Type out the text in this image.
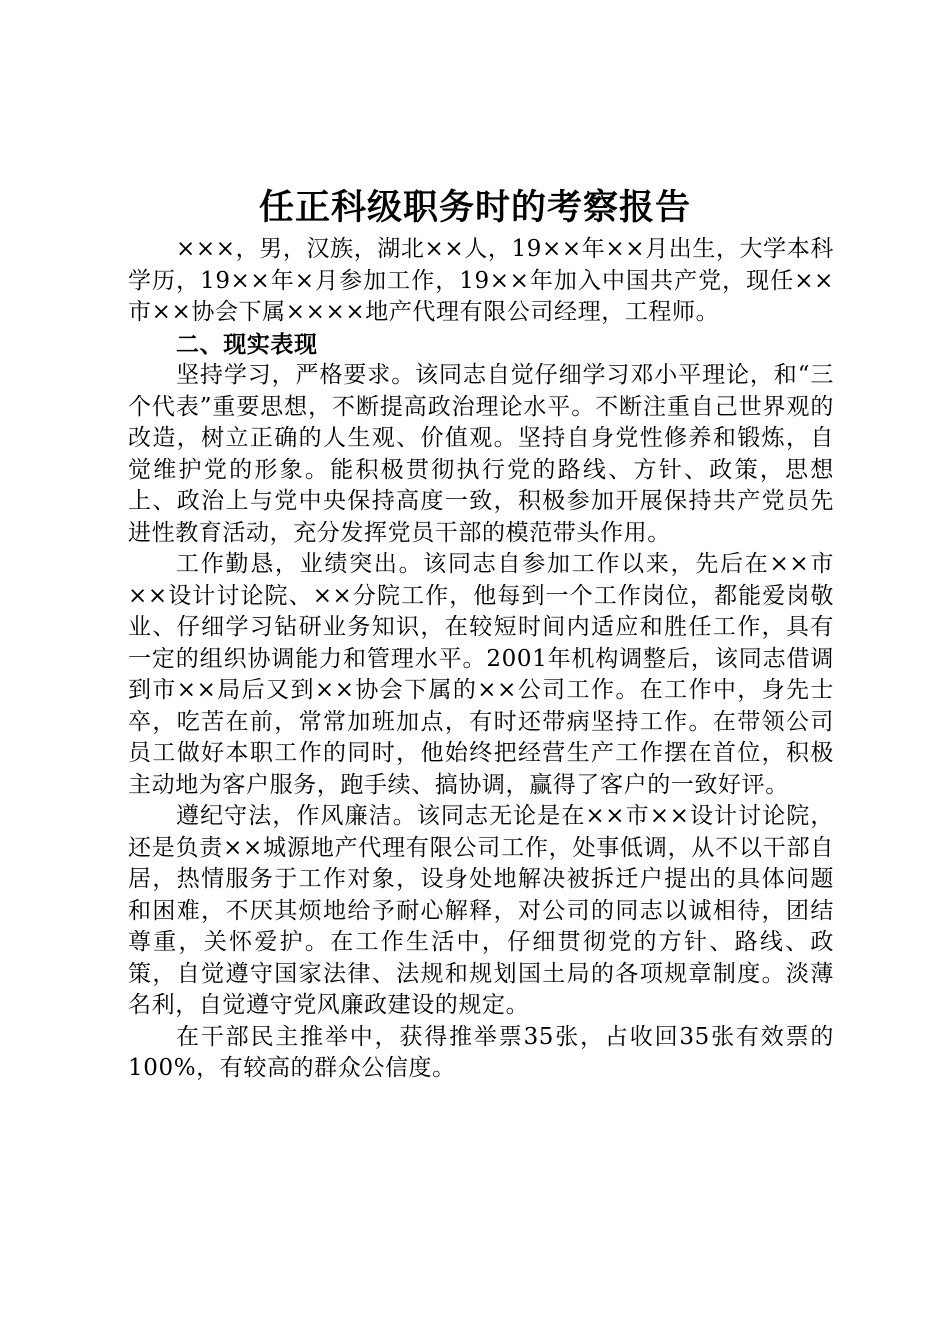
任正科级职务时的考察报告

×××，男，汉族，湖北××人，19××年××月出生，大学本科学历，19××年×月参加工作，19××年加入中国共产党，现任××市××协会下属××××地产代理有限公司经理，工程师。

二、现实表现

坚持学习，严格要求。该同志自觉仔细学习邓小平理论，和“三个代表”重要思想，不断提高政治理论水平。不断注重自己世界观的改造，树立正确的人生观、价值观。坚持自身党性修养和锻炼，自觉维护党的形象。能积极贯彻执行党的路线、方针、政策，思想上、政治上与党中央保持高度一致，积极参加开展保持共产党员先进性教育活动，充分发挥党员干部的模范带头作用。

工作勤恳，业绩突出。该同志自参加工作以来，先后在××市××设计讨论院、××分院工作，他每到一个工作岗位，都能爱岗敬业、仔细学习钻研业务知识，在较短时间内适应和胜任工作，具有一定的组织协调能力和管理水平。2001年机构调整后，该同志借调到市××局后又到××协会下属的××公司工作。在工作中，身先士卒，吃苦在前，常常加班加点，有时还带病坚持工作。在带领公司员工做好本职工作的同时，他始终把经营生产工作摆在首位，积极主动地为客户服务，跑手续、搞协调，赢得了客户的一致好评。

遵纪守法，作风廉洁。该同志无论是在××市××设计讨论院，还是负责××城源地产代理有限公司工作，处事低调，从不以干部自居，热情服务于工作对象，设身处地解决被拆迁户提出的具体问题和困难，不厌其烦地给予耐心解释，对公司的同志以诚相待，团结尊重，关怀爱护。在工作生活中，仔细贯彻党的方针、路线、政策，自觉遵守国家法律、法规和规划国土局的各项规章制度。淡薄名利，自觉遵守党风廉政建设的规定。

在干部民主推举中，获得推举票35张，占收回35张有效票的100%，有较高的群众公信度。
